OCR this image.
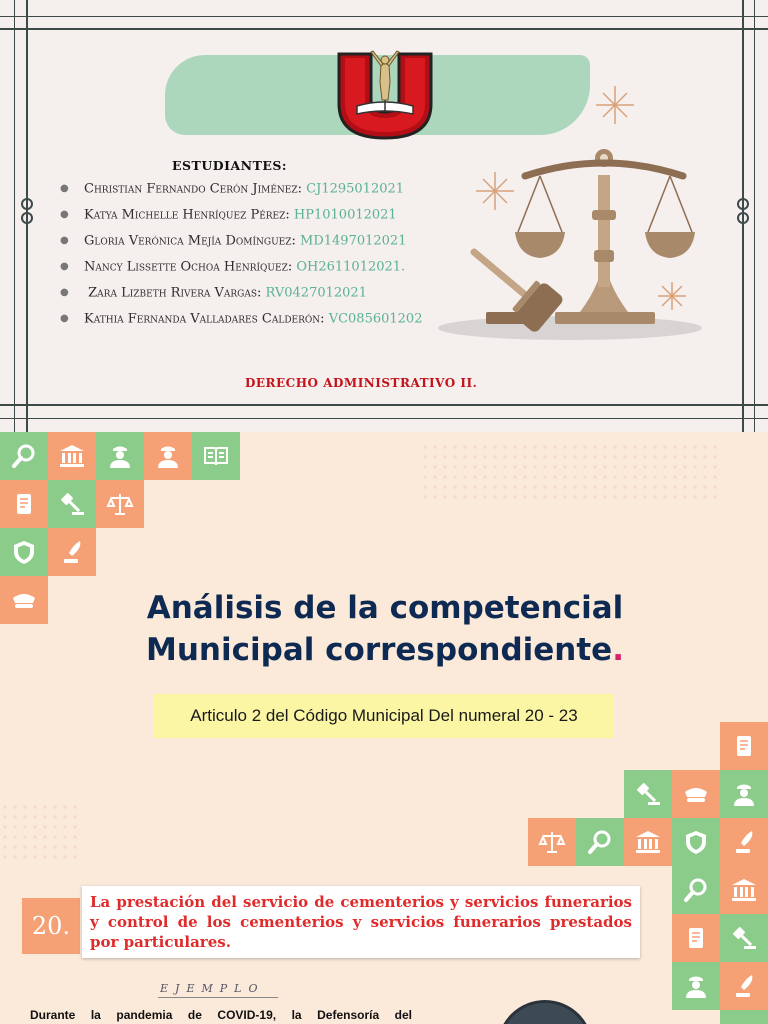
ESTUDIANTES:
● Christian Fernando Cerón Jiménez: CJ1295012021
● Katya Michelle Henríquez Pérez: HP1010012021
● Gloria Verónica Mejía Domínguez: MD1497012021
● Nancy Lissette Ochoa Henríquez: OH2611012021.
● Zara Lizbeth Rivera Vargas: RV0427012021
● Kathia Fernanda Valladares Calderón: VC085601202
DERECHO ADMINISTRATIVO II.
Análisis de la competencial
Municipal correspondiente.
Articulo 2 del Código Municipal Del numeral 20 - 23
20.
La prestación del servicio de cementerios y servicios funerarios y control de los cementerios y servicios funerarios prestados por particulares.
EJEMPLO
Durante la pandemia de COVID-19, la Defensoría del
